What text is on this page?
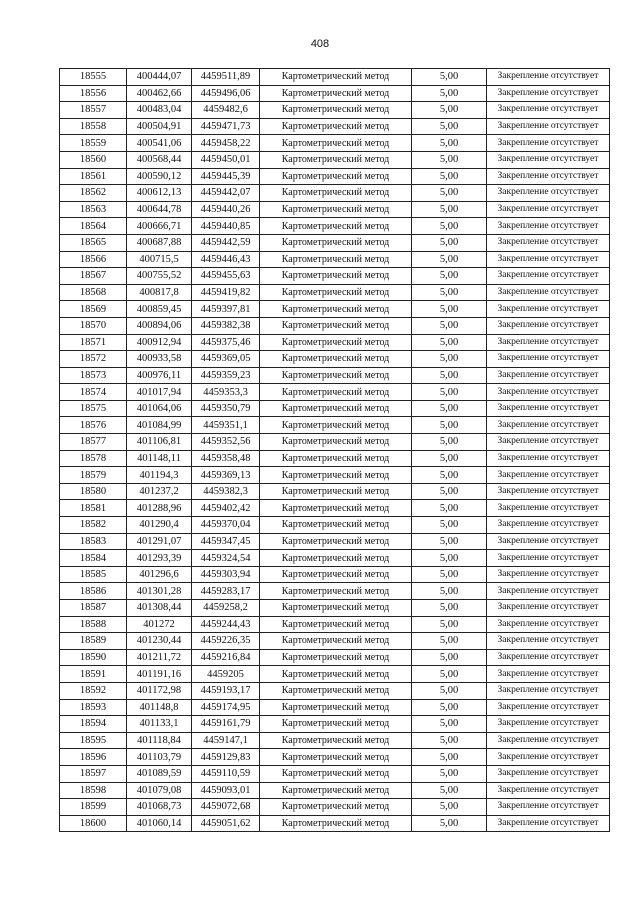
408
18555	400444,07	4459511,89	Картометрический метод	5,00	Закрепление отсутствует
18556	400462,66	4459496,06	Картометрический метод	5,00	Закрепление отсутствует
18557	400483,04	4459482,6	Картометрический метод	5,00	Закрепление отсутствует
18558	400504,91	4459471,73	Картометрический метод	5,00	Закрепление отсутствует
18559	400541,06	4459458,22	Картометрический метод	5,00	Закрепление отсутствует
18560	400568,44	4459450,01	Картометрический метод	5,00	Закрепление отсутствует
18561	400590,12	4459445,39	Картометрический метод	5,00	Закрепление отсутствует
18562	400612,13	4459442,07	Картометрический метод	5,00	Закрепление отсутствует
18563	400644,78	4459440,26	Картометрический метод	5,00	Закрепление отсутствует
18564	400666,71	4459440,85	Картометрический метод	5,00	Закрепление отсутствует
18565	400687,88	4459442,59	Картометрический метод	5,00	Закрепление отсутствует
18566	400715,5	4459446,43	Картометрический метод	5,00	Закрепление отсутствует
18567	400755,52	4459455,63	Картометрический метод	5,00	Закрепление отсутствует
18568	400817,8	4459419,82	Картометрический метод	5,00	Закрепление отсутствует
18569	400859,45	4459397,81	Картометрический метод	5,00	Закрепление отсутствует
18570	400894,06	4459382,38	Картометрический метод	5,00	Закрепление отсутствует
18571	400912,94	4459375,46	Картометрический метод	5,00	Закрепление отсутствует
18572	400933,58	4459369,05	Картометрический метод	5,00	Закрепление отсутствует
18573	400976,11	4459359,23	Картометрический метод	5,00	Закрепление отсутствует
18574	401017,94	4459353,3	Картометрический метод	5,00	Закрепление отсутствует
18575	401064,06	4459350,79	Картометрический метод	5,00	Закрепление отсутствует
18576	401084,99	4459351,1	Картометрический метод	5,00	Закрепление отсутствует
18577	401106,81	4459352,56	Картометрический метод	5,00	Закрепление отсутствует
18578	401148,11	4459358,48	Картометрический метод	5,00	Закрепление отсутствует
18579	401194,3	4459369,13	Картометрический метод	5,00	Закрепление отсутствует
18580	401237,2	4459382,3	Картометрический метод	5,00	Закрепление отсутствует
18581	401288,96	4459402,42	Картометрический метод	5,00	Закрепление отсутствует
18582	401290,4	4459370,04	Картометрический метод	5,00	Закрепление отсутствует
18583	401291,07	4459347,45	Картометрический метод	5,00	Закрепление отсутствует
18584	401293,39	4459324,54	Картометрический метод	5,00	Закрепление отсутствует
18585	401296,6	4459303,94	Картометрический метод	5,00	Закрепление отсутствует
18586	401301,28	4459283,17	Картометрический метод	5,00	Закрепление отсутствует
18587	401308,44	4459258,2	Картометрический метод	5,00	Закрепление отсутствует
18588	401272	4459244,43	Картометрический метод	5,00	Закрепление отсутствует
18589	401230,44	4459226,35	Картометрический метод	5,00	Закрепление отсутствует
18590	401211,72	4459216,84	Картометрический метод	5,00	Закрепление отсутствует
18591	401191,16	4459205	Картометрический метод	5,00	Закрепление отсутствует
18592	401172,98	4459193,17	Картометрический метод	5,00	Закрепление отсутствует
18593	401148,8	4459174,95	Картометрический метод	5,00	Закрепление отсутствует
18594	401133,1	4459161,79	Картометрический метод	5,00	Закрепление отсутствует
18595	401118,84	4459147,1	Картометрический метод	5,00	Закрепление отсутствует
18596	401103,79	4459129,83	Картометрический метод	5,00	Закрепление отсутствует
18597	401089,59	4459110,59	Картометрический метод	5,00	Закрепление отсутствует
18598	401079,08	4459093,01	Картометрический метод	5,00	Закрепление отсутствует
18599	401068,73	4459072,68	Картометрический метод	5,00	Закрепление отсутствует
18600	401060,14	4459051,62	Картометрический метод	5,00	Закрепление отсутствует
